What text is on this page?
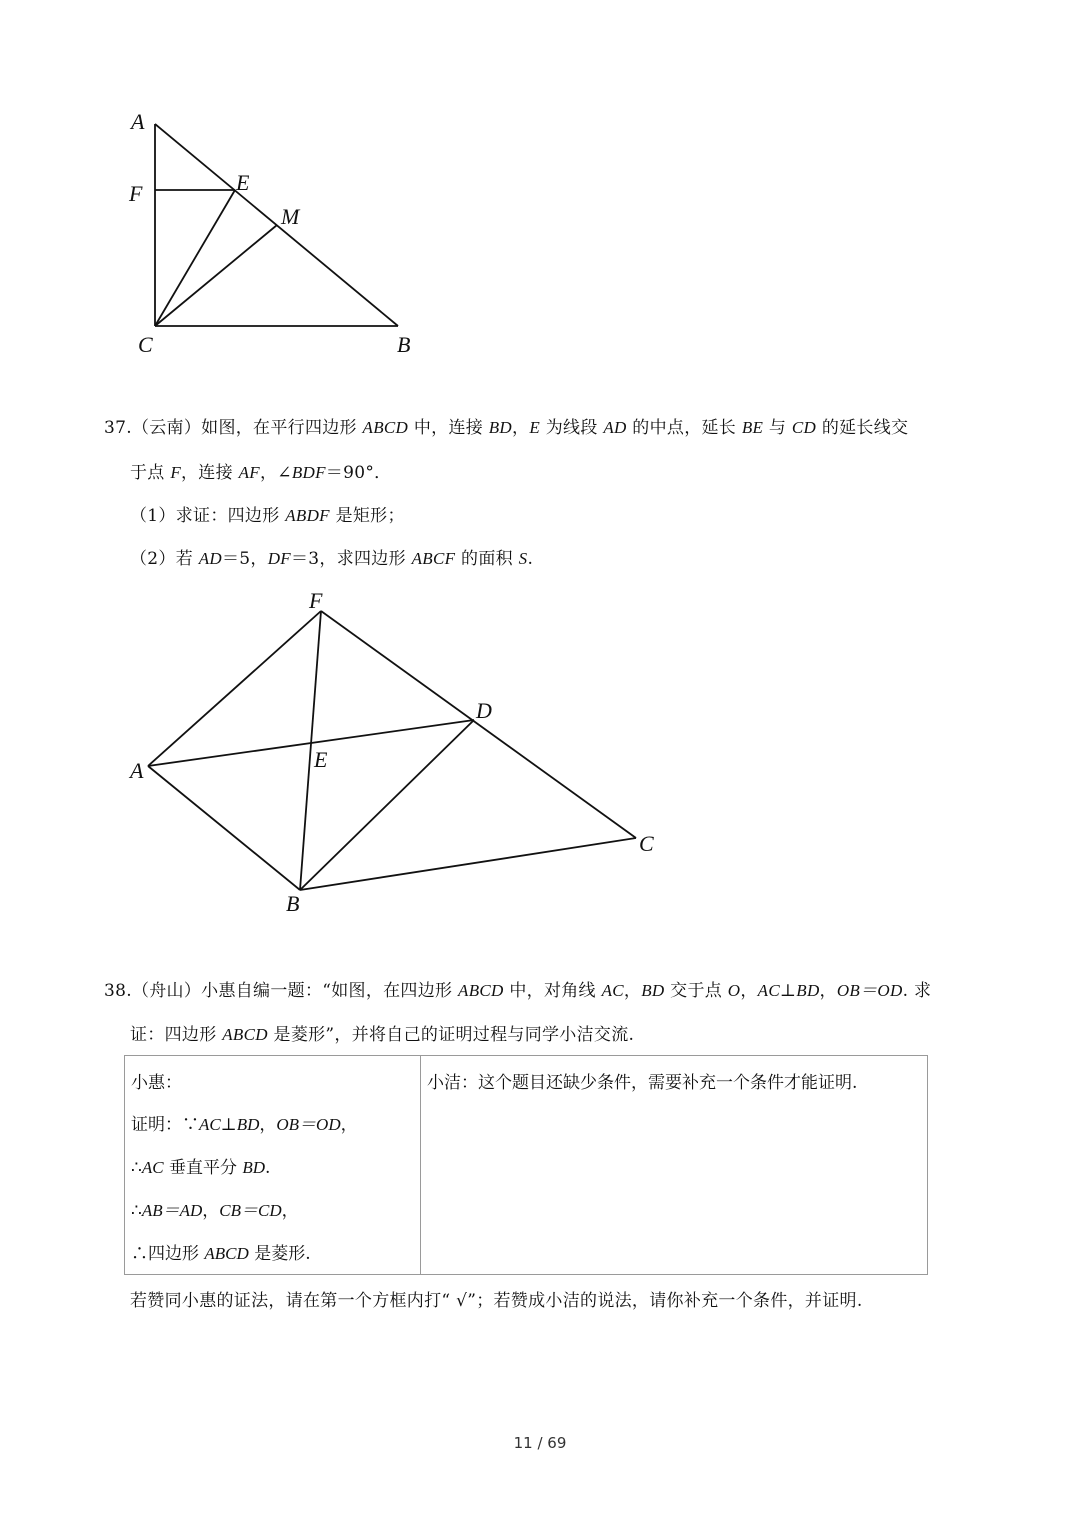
A
F	E
M
C	B
37.（云南）如图，在平行四边形 ABCD 中，连接 BD，E 为线段 AD 的中点，延长 BE 与 CD 的延长线交
于点 F，连接 AF，∠BDF＝90°．
（1）求证：四边形 ABDF 是矩形；
（2）若 AD＝5，DF＝3，求四边形 ABCF 的面积 S.
F
D
A	E
C
B
38.（舟山）小惠自编一题：“如图，在四边形 ABCD 中，对角线 AC，BD 交于点 O，AC⊥BD，OB＝OD. 求
证：四边形 ABCD 是菱形”，并将自己的证明过程与同学小洁交流.
小惠：
证明：∵AC⊥BD，OB＝OD，
∴AC 垂直平分 BD.
∴AB＝AD，CB＝CD，
∴四边形 ABCD 是菱形.
小洁：这个题目还缺少条件，需要补充一个条件才能证明.
若赞同小惠的证法，请在第一个方框内打“ √”；若赞成小洁的说法，请你补充一个条件，并证明.
11 / 69
